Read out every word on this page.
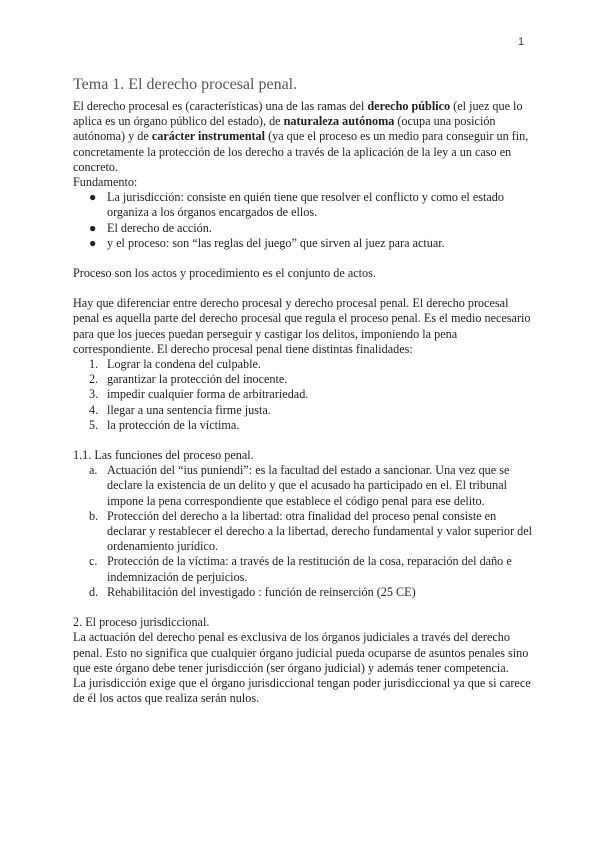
1
Tema 1. El derecho procesal penal.

El derecho procesal es (características) una de las ramas del derecho público (el juez que lo aplica es un órgano público del estado), de naturaleza autónoma (ocupa una posición autónoma) y de carácter instrumental (ya que el proceso es un medio para conseguir un fin, concretamente la protección de los derecho a través de la aplicación de la ley a un caso en concreto.

Fundamento:

● La jurisdicción: consiste en quién tiene que resolver el conflicto y como el estado organiza a los órganos encargados de ellos.
● El derecho de acción.
● y el proceso: son “las reglas del juego” que sirven al juez para actuar.

Proceso son los actos y procedimiento es el conjunto de actos.

Hay que diferenciar entre derecho procesal y derecho procesal penal. El derecho procesal penal es aquella parte del derecho procesal que regula el proceso penal. Es el medio necesario para que los jueces puedan perseguir y castigar los delitos, imponiendo la pena correspondiente. El derecho procesal penal tiene distintas finalidades:

1. Lograr la condena del culpable.
2. garantizar la protección del inocente.
3. impedir cualquier forma de arbitrariedad.
4. llegar a una sentencia firme justa.
5. la protección de la víctima.

1.1. Las funciones del proceso penal.

a. Actuación del “ius puniendi”: es la facultad del estado a sancionar. Una vez que se declare la existencia de un delito y que el acusado ha participado en el. El tribunal impone la pena correspondiente que establece el código penal para ese delito.
b. Protección del derecho a la libertad: otra finalidad del proceso penal consiste en declarar y restablecer el derecho a la libertad, derecho fundamental y valor superior del ordenamiento jurídico.
c. Protección de la víctima: a través de la restitución de la cosa, reparación del daño e indemnización de perjuicios.
d. Rehabilitación del investigado : función de reinserción (25 CE)

2. El proceso jurisdiccional.

La actuación del derecho penal es exclusiva de los órganos judiciales a través del derecho penal. Esto no significa que cualquier órgano judicial pueda ocuparse de asuntos penales sino que este órgano debe tener jurisdicción (ser órgano judicial) y además tener competencia.

La jurisdicción exige que el órgano jurisdiccional tengan poder jurisdiccional ya que si carece de él los actos que realiza serán nulos.
